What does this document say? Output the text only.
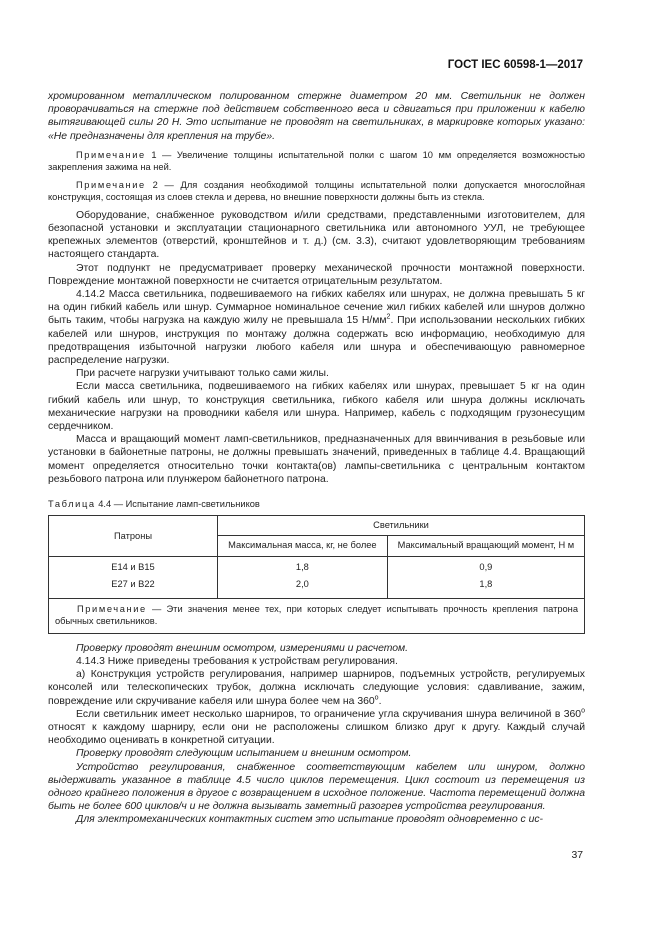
ГОСТ IEC 60598-1—2017

хромированном металлическом полированном стержне диаметром 20 мм. Светильник не должен проворачиваться на стержне под действием собственного веса и сдвигаться при приложении к кабелю вытягивающей силы 20 Н. Это испытание не проводят на светильниках, в маркировке которых указано: «Не предназначены для крепления на трубе».

Примечание 1 — Увеличение толщины испытательной полки с шагом 10 мм определяется возможностью закрепления зажима на ней.

Примечание 2 — Для создания необходимой толщины испытательной полки допускается многослойная конструкция, состоящая из слоев стекла и дерева, но внешние поверхности должны быть из стекла.

Оборудование, снабженное руководством и/или средствами, представленными изготовителем, для безопасной установки и эксплуатации стационарного светильника или автономного УУЛ, не требующее крепежных элементов (отверстий, кронштейнов и т. д.) (см. 3.3), считают удовлетворяющим требованиям настоящего стандарта.

Этот подпункт не предусматривает проверку механической прочности монтажной поверхности. Повреждение монтажной поверхности не считается отрицательным результатом.

4.14.2 Масса светильника, подвешиваемого на гибких кабелях или шнурах, не должна превышать 5 кг на один гибкий кабель или шнур. Суммарное номинальное сечение жил гибких кабелей или шнуров должно быть таким, чтобы нагрузка на каждую жилу не превышала 15 $Н/мм^2$. При использовании нескольких гибких кабелей или шнуров, инструкция по монтажу должна содержать всю информацию, необходимую для предотвращения избыточной нагрузки любого кабеля или шнура и обеспечивающую равномерное распределение нагрузки.

При расчете нагрузки учитывают только сами жилы.

Если масса светильника, подвешиваемого на гибких кабелях или шнурах, превышает 5 кг на один гибкий кабель или шнур, то конструкция светильника, гибкого кабеля или шнура должны исключать механические нагрузки на проводники кабеля или шнура. Например, кабель с подходящим грузонесущим сердечником.

Масса и вращающий момент ламп-светильников, предназначенных для ввинчивания в резьбовые или установки в байонетные патроны, не должны превышать значений, приведенных в таблице 4.4. Вращающий момент определяется относительно точки контакта(ов) лампы-светильника с центральным контактом резьбового патрона или плунжером байонетного патрона.

Таблица 4.4 — Испытание ламп-светильников
Патроны	Светильники	
	Максимальная масса, кг, не более	Максимальный вращающий момент, Н м
E14 и B15	1,8	0,9
E27 и B22	2,0	1,8
Примечание — Эти значения менее тех, при которых следует испытывать прочность крепления патрона обычных светильников.		

Проверку проводят внешним осмотром, измерениями и расчетом.

4.14.3 Ниже приведены требования к устройствам регулирования.

а) Конструкция устройств регулирования, например шарниров, подъемных устройств, регулируемых консолей или телескопических трубок, должна исключать следующие условия: сдавливание, зажим, повреждение или скручивание кабеля или шнура более чем на $360^о$.

Если светильник имеет несколько шарниров, то ограничение угла скручивания шнура величиной в $360^о$ относят к каждому шарниру, если они не расположены слишком близко друг к другу. Каждый случай необходимо оценивать в конкретной ситуации.

Проверку проводят следующим испытанием и внешним осмотром.

Устройство регулирования, снабженное соответствующим кабелем или шнуром, должно выдерживать указанное в таблице 4.5 число циклов перемещения. Цикл состоит из перемещения из одного крайнего положения в другое с возвращением в исходное положение. Частота перемещений должна быть не более 600 циклов/ч и не должна вызывать заметный разогрев устройства регулирования.

Для электромеханических контактных систем это испытание проводят одновременно с ис-

37
